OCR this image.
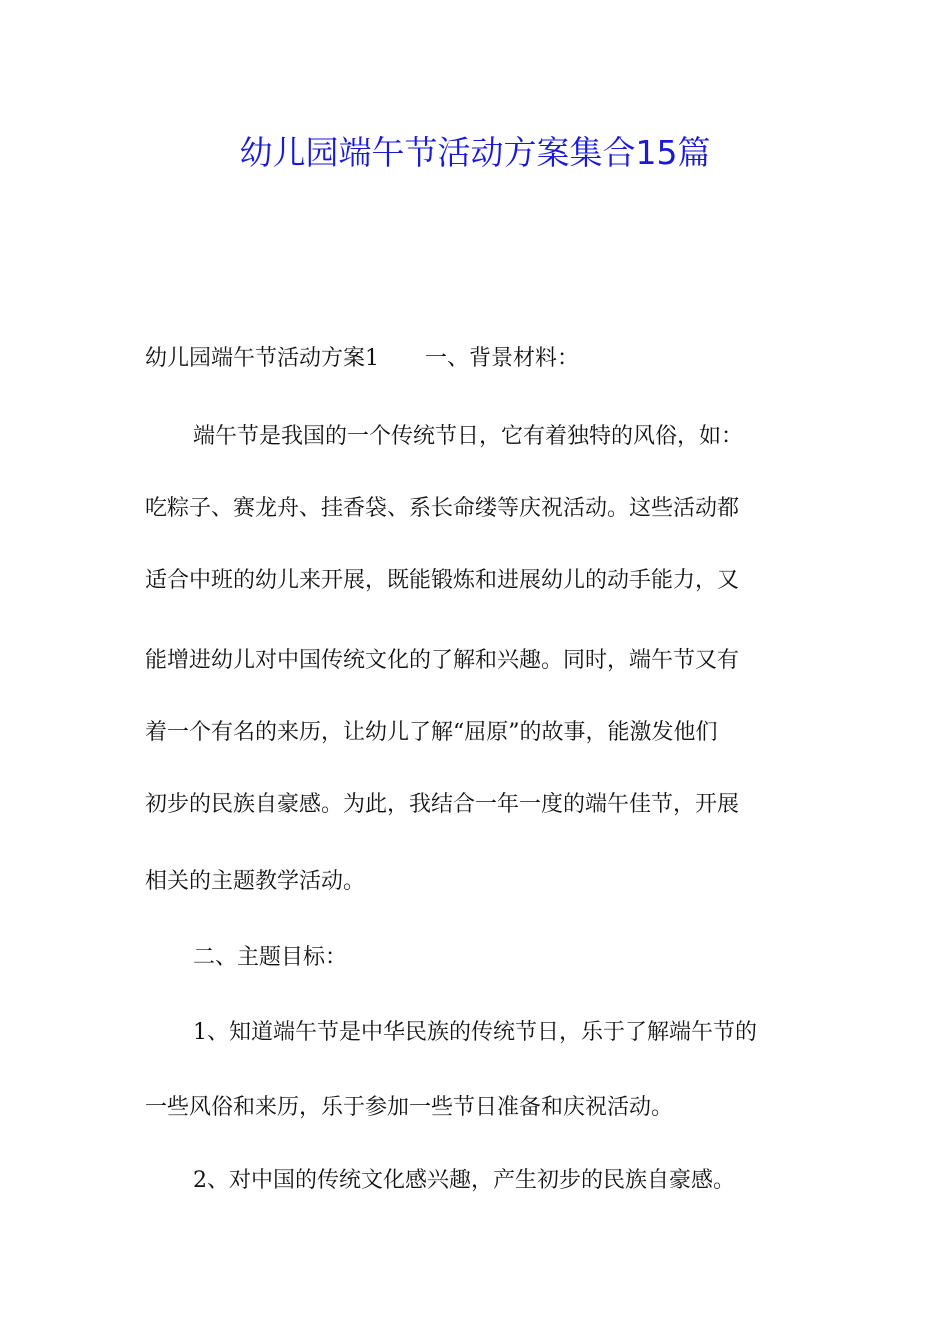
幼儿园端午节活动方案集合15篇

幼儿园端午节活动方案1 一、背景材料：

端午节是我国的一个传统节日，它有着独特的风俗，如：

吃粽子、赛龙舟、挂香袋、系长命缕等庆祝活动。这些活动都

适合中班的幼儿来开展，既能锻炼和进展幼儿的动手能力，又

能增进幼儿对中国传统文化的了解和兴趣。同时，端午节又有

着一个有名的来历，让幼儿了解“屈原”的故事，能激发他们

初步的民族自豪感。为此，我结合一年一度的端午佳节，开展

相关的主题教学活动。

二、主题目标：

1、知道端午节是中华民族的传统节日，乐于了解端午节的

一些风俗和来历，乐于参加一些节日准备和庆祝活动。

2、对中国的传统文化感兴趣，产生初步的民族自豪感。
